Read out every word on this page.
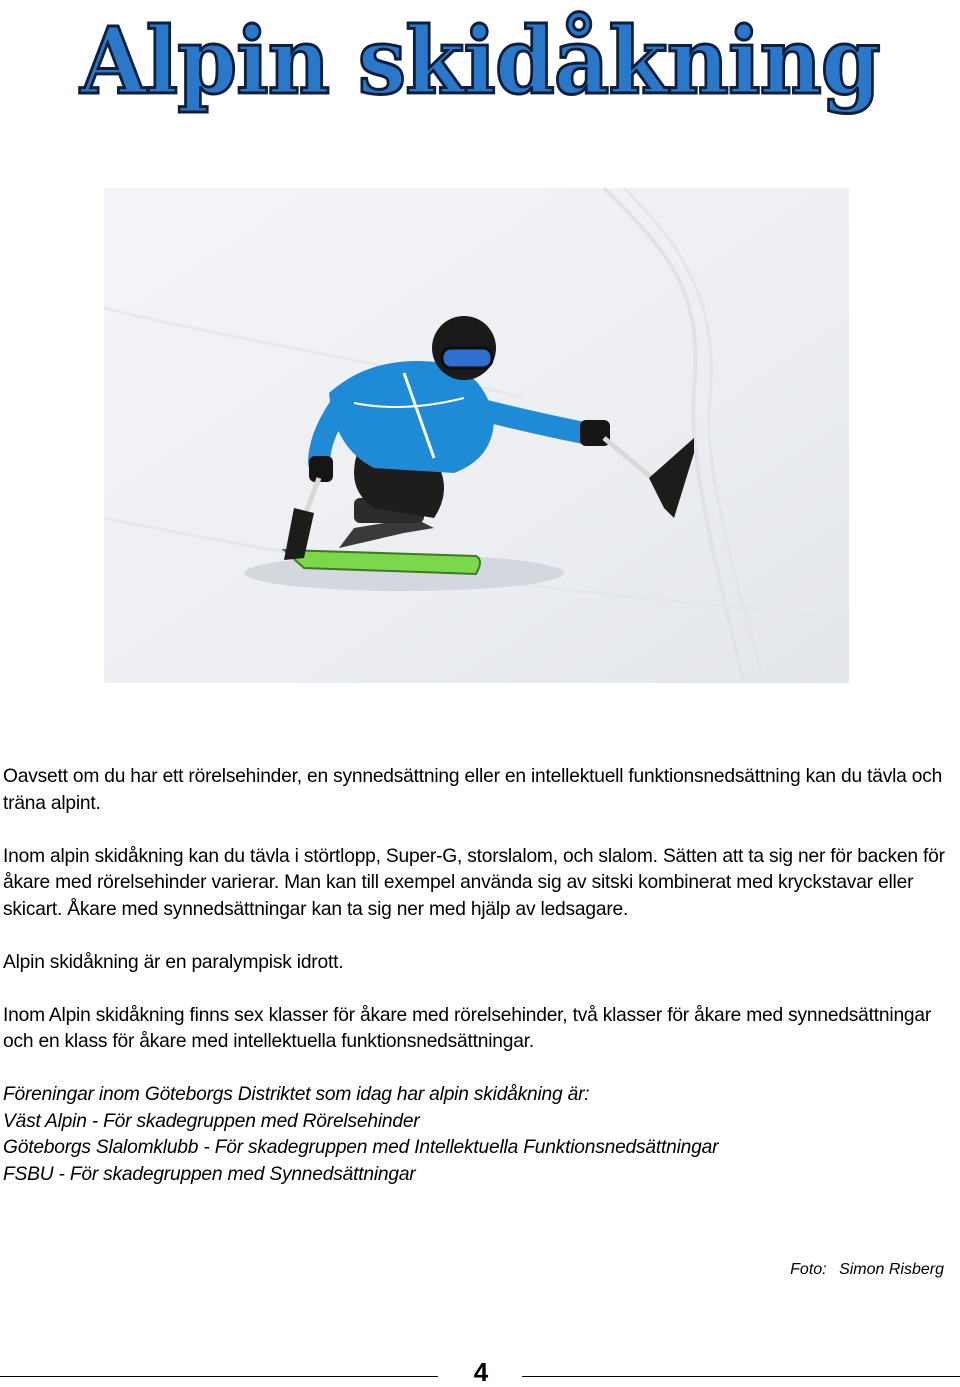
Alpin skidåkning

Oavsett om du har ett rörelsehinder, en synnedsättning eller en intellektuell funktionsnedsättning kan du tävla och träna alpint.

Inom alpin skidåkning kan du tävla i störtlopp, Super-G, storslalom, och slalom. Sätten att ta sig ner för backen för åkare med rörelsehinder varierar. Man kan till exempel använda sig av sitski kombinerat med kryckstavar eller skicart. Åkare med synnedsättningar kan ta sig ner med hjälp av ledsagare.

Alpin skidåkning är en paralympisk idrott.

Inom Alpin skidåkning finns sex klasser för åkare med rörelsehinder, två klasser för åkare med synnedsättningar och en klass för åkare med intellektuella funktionsnedsättningar.

Föreningar inom Göteborgs Distriktet som idag har alpin skidåkning är:
Väst Alpin - För skadegruppen med Rörelsehinder
Göteborgs Slalomklubb - För skadegruppen med Intellektuella Funktionsnedsättningar
FSBU - För skadegruppen med Synnedsättningar
Foto: Simon Risberg
4
